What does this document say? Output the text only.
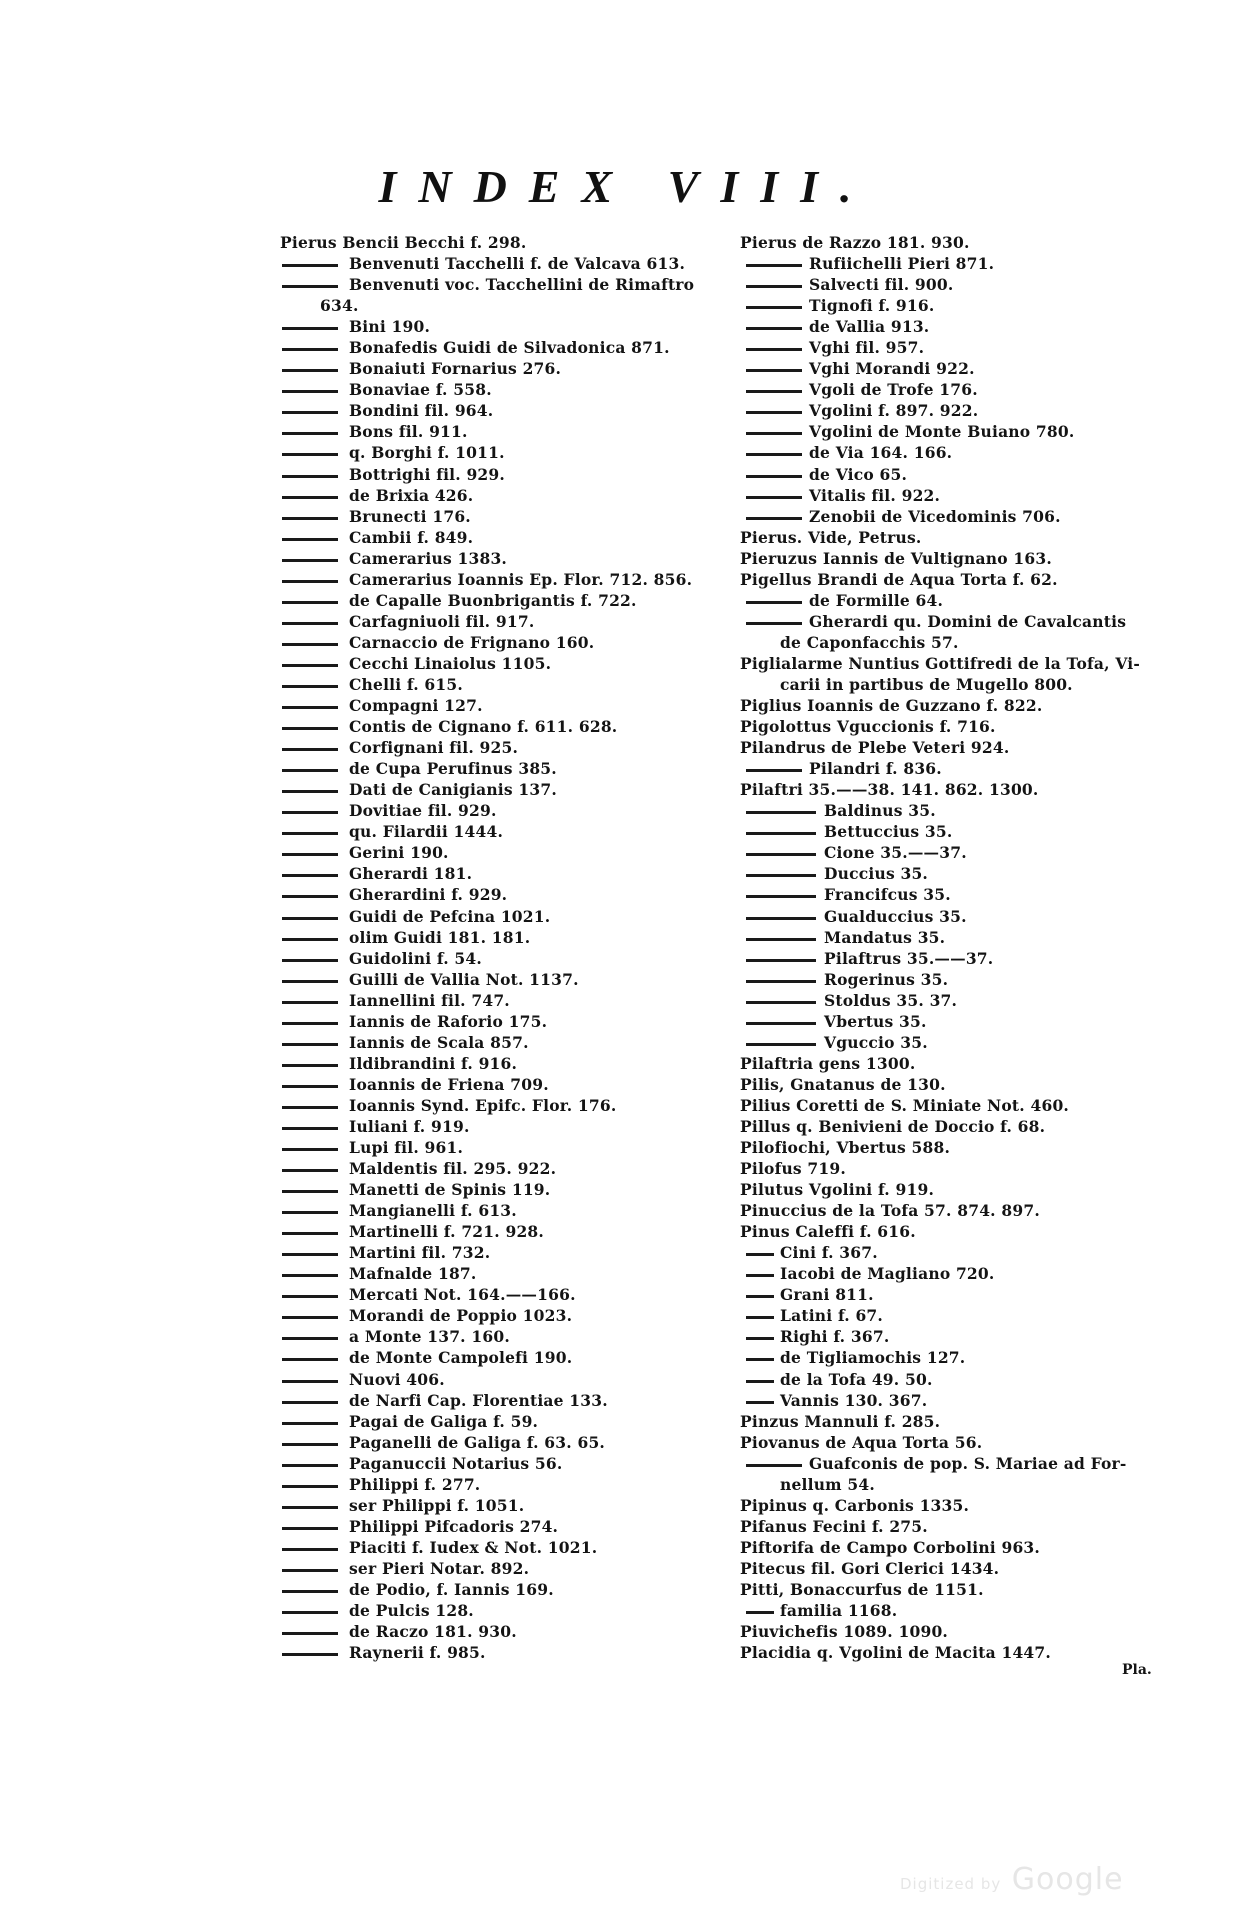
INDEX VIII.
Pierus Bencii Becchi f. 298.
Benvenuti Tacchelli f. de Valcava 613.
Benvenuti voc. Tacchellini de Rimaftro
634.
Bini 190.
Bonafedis Guidi de Silvadonica 871.
Bonaiuti Fornarius 276.
Bonaviae f. 558.
Bondini fil. 964.
Bons fil. 911.
q. Borghi f. 1011.
Bottrighi fil. 929.
de Brixia 426.
Brunecti 176.
Cambii f. 849.
Camerarius 1383.
Camerarius Ioannis Ep. Flor. 712. 856.
de Capalle Buonbrigantis f. 722.
Carfagniuoli fil. 917.
Carnaccio de Frignano 160.
Cecchi Linaiolus 1105.
Chelli f. 615.
Compagni 127.
Contis de Cignano f. 611. 628.
Corfignani fil. 925.
de Cupa Perufinus 385.
Dati de Canigianis 137.
Dovitiae fil. 929.
qu. Filardii 1444.
Gerini 190.
Gherardi 181.
Gherardini f. 929.
Guidi de Pefcina 1021.
olim Guidi 181. 181.
Guidolini f. 54.
Guilli de Vallia Not. 1137.
Iannellini fil. 747.
Iannis de Raforio 175.
Iannis de Scala 857.
Ildibrandini f. 916.
Ioannis de Friena 709.
Ioannis Synd. Epifc. Flor. 176.
Iuliani f. 919.
Lupi fil. 961.
Maldentis fil. 295. 922.
Manetti de Spinis 119.
Mangianelli f. 613.
Martinelli f. 721. 928.
Martini fil. 732.
Mafnalde 187.
Mercati Not. 164.——166.
Morandi de Poppio 1023.
a Monte 137. 160.
de Monte Campolefi 190.
Nuovi 406.
de Narfi Cap. Florentiae 133.
Pagai de Galiga f. 59.
Paganelli de Galiga f. 63. 65.
Paganuccii Notarius 56.
Philippi f. 277.
ser Philippi f. 1051.
Philippi Pifcadoris 274.
Piaciti f. Iudex & Not. 1021.
ser Pieri Notar. 892.
de Podio, f. Iannis 169.
de Pulcis 128.
de Raczo 181. 930.
Raynerii f. 985.
Pierus de Razzo 181. 930.
Rufiichelli Pieri 871.
Salvecti fil. 900.
Tignofi f. 916.
de Vallia 913.
Vghi fil. 957.
Vghi Morandi 922.
Vgoli de Trofe 176.
Vgolini f. 897. 922.
Vgolini de Monte Buiano 780.
de Via 164. 166.
de Vico 65.
Vitalis fil. 922.
Zenobii de Vicedominis 706.
Pierus. Vide, Petrus.
Pieruzus Iannis de Vultignano 163.
Pigellus Brandi de Aqua Torta f. 62.
de Formille 64.
Gherardi qu. Domini de Cavalcantis
de Caponfacchis 57.
Piglialarme Nuntius Gottifredi de la Tofa, Vi-
carii in partibus de Mugello 800.
Piglius Ioannis de Guzzano f. 822.
Pigolottus Vguccionis f. 716.
Pilandrus de Plebe Veteri 924.
Pilandri f. 836.
Pilaftri 35.——38. 141. 862. 1300.
Baldinus 35.
Bettuccius 35.
Cione 35.——37.
Duccius 35.
Francifcus 35.
Gualduccius 35.
Mandatus 35.
Pilaftrus 35.——37.
Rogerinus 35.
Stoldus 35. 37.
Vbertus 35.
Vguccio 35.
Pilaftria gens 1300.
Pilis, Gnatanus de 130.
Pilius Coretti de S. Miniate Not. 460.
Pillus q. Benivieni de Doccio f. 68.
Pilofiochi, Vbertus 588.
Pilofus 719.
Pilutus Vgolini f. 919.
Pinuccius de la Tofa 57. 874. 897.
Pinus Caleffi f. 616.
Cini f. 367.
Iacobi de Magliano 720.
Grani 811.
Latini f. 67.
Righi f. 367.
de Tigliamochis 127.
de la Tofa 49. 50.
Vannis 130. 367.
Pinzus Mannuli f. 285.
Piovanus de Aqua Torta 56.
Guafconis de pop. S. Mariae ad For-
nellum 54.
Pipinus q. Carbonis 1335.
Pifanus Fecini f. 275.
Piftorifa de Campo Corbolini 963.
Pitecus fil. Gori Clerici 1434.
Pitti, Bonaccurfus de 1151.
familia 1168.
Piuvichefis 1089. 1090.
Placidia q. Vgolini de Macita 1447.
Pla.
Digitized by Google
